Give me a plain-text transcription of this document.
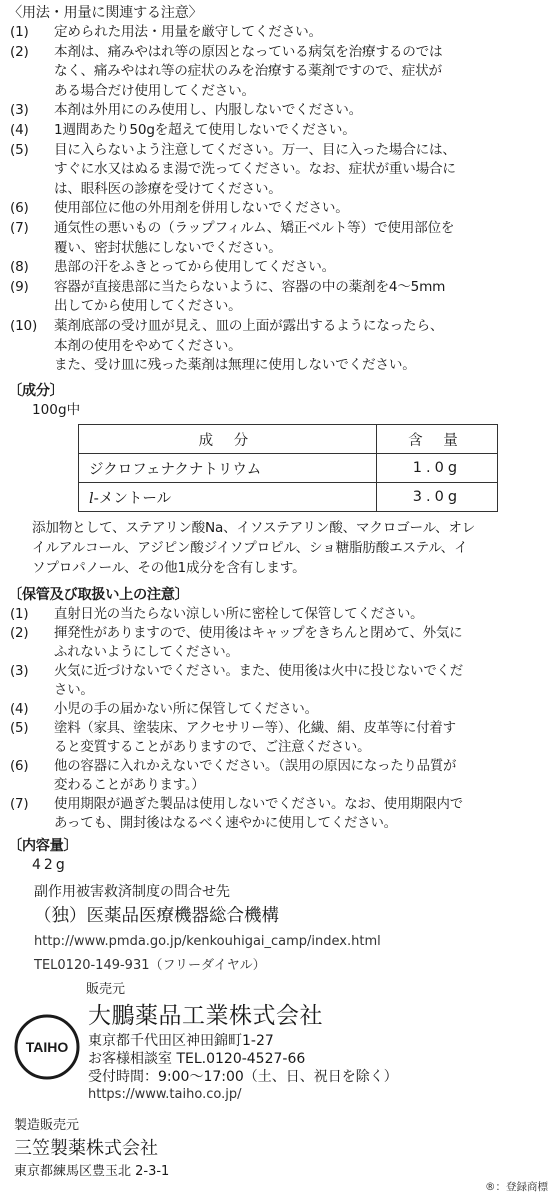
〈用法・用量に関連する注意〉
(1)	定められた用法・用量を厳守してください。

(2)	本剤は、痛みやはれ等の原因となっている病気を治療するのでは

なく、痛みやはれ等の症状のみを治療する薬剤ですので、症状が

ある場合だけ使用してください。

(3)	本剤は外用にのみ使用し、内服しないでください。

(4)	1週間あたり50gを超えて使用しないでください。

(5)	目に入らないよう注意してください。万一、目に入った場合には、

すぐに水又はぬるま湯で洗ってください。なお、症状が重い場合に

は、眼科医の診療を受けてください。

(6)	使用部位に他の外用剤を併用しないでください。

(7)	通気性の悪いもの（ラップフィルム、矯正ベルト等）で使用部位を

覆い、密封状態にしないでください。

(8)	患部の汗をふきとってから使用してください。

(9)	容器が直接患部に当たらないように、容器の中の薬剤を4～5mm

出してから使用してください。

(10)	薬剤底部の受け皿が見え、皿の上面が露出するようになったら、

本剤の使用をやめてください。

また、受け皿に残った薬剤は無理に使用しないでください。

〔成分〕
100g中
成 分	含 量
ジクロフェナクナトリウム	1.0g
l-メントール	3.0g
添加物として、ステアリン酸Na、イソステアリン酸、マクロゴール、オレ
イルアルコール、アジピン酸ジイソプロピル、ショ糖脂肪酸エステル、イ
ソプロパノール、その他1成分を含有します。
〔保管及び取扱い上の注意〕
(1)	直射日光の当たらない涼しい所に密栓して保管してください。

(2)	揮発性がありますので、使用後はキャップをきちんと閉めて、外気に

ふれないようにしてください。

(3)	火気に近づけないでください。また、使用後は火中に投じないでくだ

さい。

(4)	小児の手の届かない所に保管してください。

(5)	塗料（家具、塗装床、アクセサリー等）、化繊、絹、皮革等に付着す

ると変質することがありますので、ご注意ください。

(6)	他の容器に入れかえないでください。（誤用の原因になったり品質が

変わることがあります。）

(7)	使用期限が過ぎた製品は使用しないでください。なお、使用期限内で

あっても、開封後はなるべく速やかに使用してください。

〔内容量〕
42g
副作用被害救済制度の問合せ先
（独）医薬品医療機器総合機構
http://www.pmda.go.jp/kenkouhigai_camp/index.html
TEL0120-149-931（フリーダイヤル）
販売元
TAIHO
大鵬薬品工業株式会社
東京都千代田区神田錦町1-27
お客様相談室 TEL.0120-4527-66
受付時間：9:00～17:00（土、日、祝日を除く）
https://www.taiho.co.jp/
製造販売元
三笠製薬株式会社
東京都練馬区豊玉北 2-3-1
®：登録商標
